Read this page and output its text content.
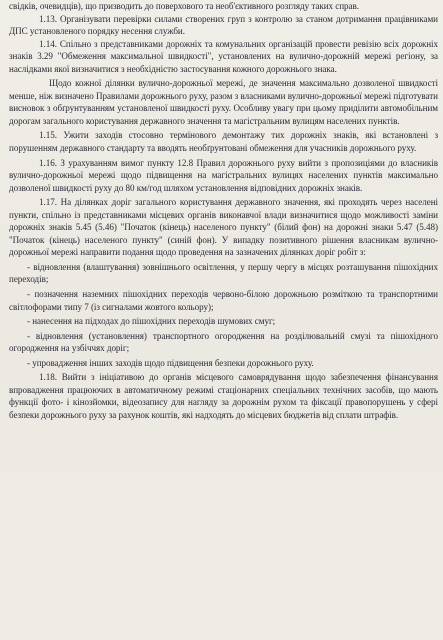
свідків, очевидців), що призводить до поверхового та необ'єктивного розгляду таких справ.

1.13. Організувати перевірки силами створених груп з контролю за станом дотримання працівниками ДПС установленого порядку несення служби.

1.14. Спільно з представниками дорожніх та комунальних організацій провести ревізію всіх дорожніх знаків 3.29 "Обмеження максимальної швидкості", установлених на вулично-дорожній мережі регіону, за наслідками якої визначитися з необхідністю застосування кожного дорожнього знака.

Щодо кожної ділянки вулично-дорожньої мережі, де значення максимально дозволеної швидкості менше, ніж визначено Правилами дорожнього руху, разом з власниками вулично-дорожньої мережі підготувати висновок з обґрунтуванням установленої швидкості руху. Особливу увагу при цьому приділити автомобільним дорогам загального користування державного значення та магістральним вулицям населених пунктів.

1.15. Ужити заходів стосовно термінового демонтажу тих дорожніх знаків, які встановлені з порушенням державного стандарту та вводять необґрунтовані обмеження для учасників дорожнього руху.

1.16. З урахуванням вимог пункту 12.8 Правил дорожнього руху вийти з пропозиціями до власників вулично-дорожньої мережі щодо підвищення на магістральних вулицях населених пунктів максимально дозволеної швидкості руху до 80 км/год шляхом установлення відповідних дорожніх знаків.

1.17. На ділянках доріг загального користування державного значення, які проходять через населені пункти, спільно із представниками місцевих органів виконавчої влади визначитися щодо можливості заміни дорожніх знаків 5.45 (5.46) "Початок (кінець) населеного пункту" (білий фон) на дорожні знаки 5.47 (5.48) "Початок (кінець) населеного пункту" (синій фон). У випадку позитивного рішення власникам вулично-дорожньої мережі направити подання щодо проведення на зазначених ділянках доріг робіт з:

- відновлення (влаштування) зовнішнього освітлення, у першу чергу в місцях розташування пішохідних переходів;

- позначення наземних пішохідних переходів червоно-білою дорожньою розміткою та транспортними світлофорами типу 7 (із сигналами жовтого кольору);

- нанесення на підходах до пішохідних переходів шумових смуг;

- відновлення (установлення) транспортного огородження на розділювальній смузі та пішохідного огородження на узбіччях доріг;

- упровадження інших заходів щодо підвищення безпеки дорожнього руху.

1.18. Вийти з ініціативою до органів місцевого самоврядування щодо забезпечення фінансування впровадження працюючих в автоматичному режимі стаціонарних спеціальних технічних засобів, що мають функції фото- і кінозйомки, відеозапису для нагляду за дорожнім рухом та фіксації правопорушень у сфері безпеки дорожнього руху за рахунок коштів, які надходять до місцевих бюджетів від сплати штрафів.
